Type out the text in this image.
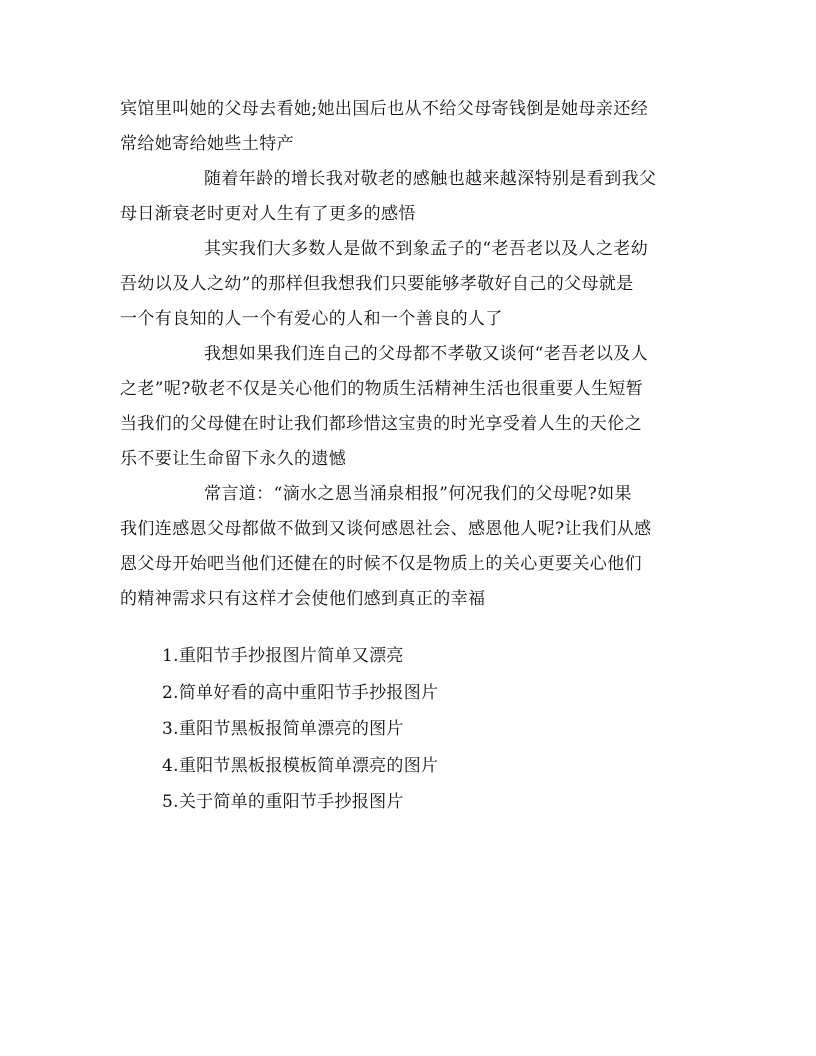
宾馆里叫她的父母去看她;她出国后也从不给父母寄钱倒是她母亲还经
常给她寄给她些土特产

随着年龄的增长我对敬老的感触也越来越深特别是看到我父
母日渐衰老时更对人生有了更多的感悟

其实我们大多数人是做不到象孟子的“老吾老以及人之老幼
吾幼以及人之幼”的那样但我想我们只要能够孝敬好自己的父母就是
一个有良知的人一个有爱心的人和一个善良的人了

我想如果我们连自己的父母都不孝敬又谈何“老吾老以及人
之老”呢?敬老不仅是关心他们的物质生活精神生活也很重要人生短暂
当我们的父母健在时让我们都珍惜这宝贵的时光享受着人生的天伦之
乐不要让生命留下永久的遗憾

常言道：“滴水之恩当涌泉相报”何况我们的父母呢?如果
我们连感恩父母都做不做到又谈何感恩社会、感恩他人呢?让我们从感
恩父母开始吧当他们还健在的时候不仅是物质上的关心更要关心他们
的精神需求只有这样才会使他们感到真正的幸福

1.重阳节手抄报图片简单又漂亮
2.简单好看的高中重阳节手抄报图片
3.重阳节黑板报简单漂亮的图片
4.重阳节黑板报模板简单漂亮的图片
5.关于简单的重阳节手抄报图片
